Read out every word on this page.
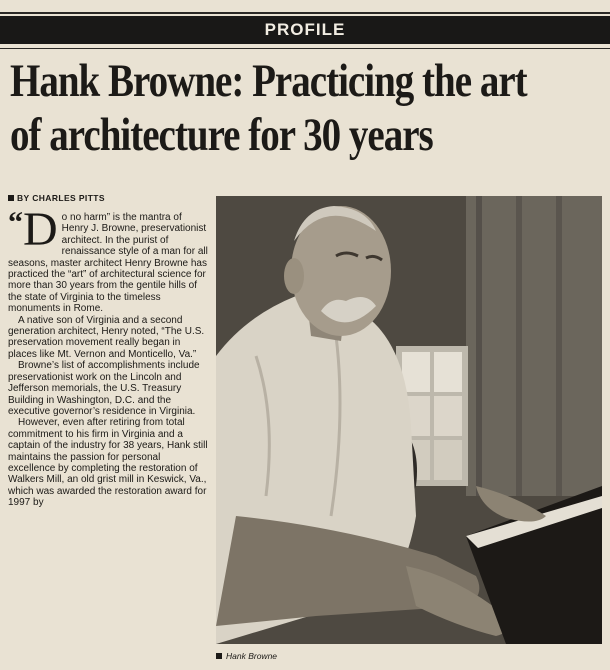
PROFILE
Hank Browne: Practicing the art
of architecture for 30 years
BY CHARLES PITTS

“ D o no harm” is the mantra of Henry J. Browne, preservationist architect. In the purist of renaissance style of a man for all seasons, master architect Henry Browne has practiced the “art” of architectural science for more than 30 years from the gentile hills of the state of Virginia to the timeless monuments in Rome.

A native son of Virginia and a second generation architect, Henry noted, “The U.S. preservation movement really began in places like Mt. Vernon and Monticello, Va.”

Browne’s list of accomplishments include preservationist work on the Lincoln and Jefferson memorials, the U.S. Treasury Building in Washington, D.C. and the executive governor’s residence in Virginia.

However, even after retiring from total commitment to his firm in Virginia and a captain of the industry for 38 years, Hank still maintains the passion for personal excellence by completing the restoration of Walkers Mill, an old grist mill in Keswick, Va., which was awarded the restoration award for 1997 by

Hank Browne
